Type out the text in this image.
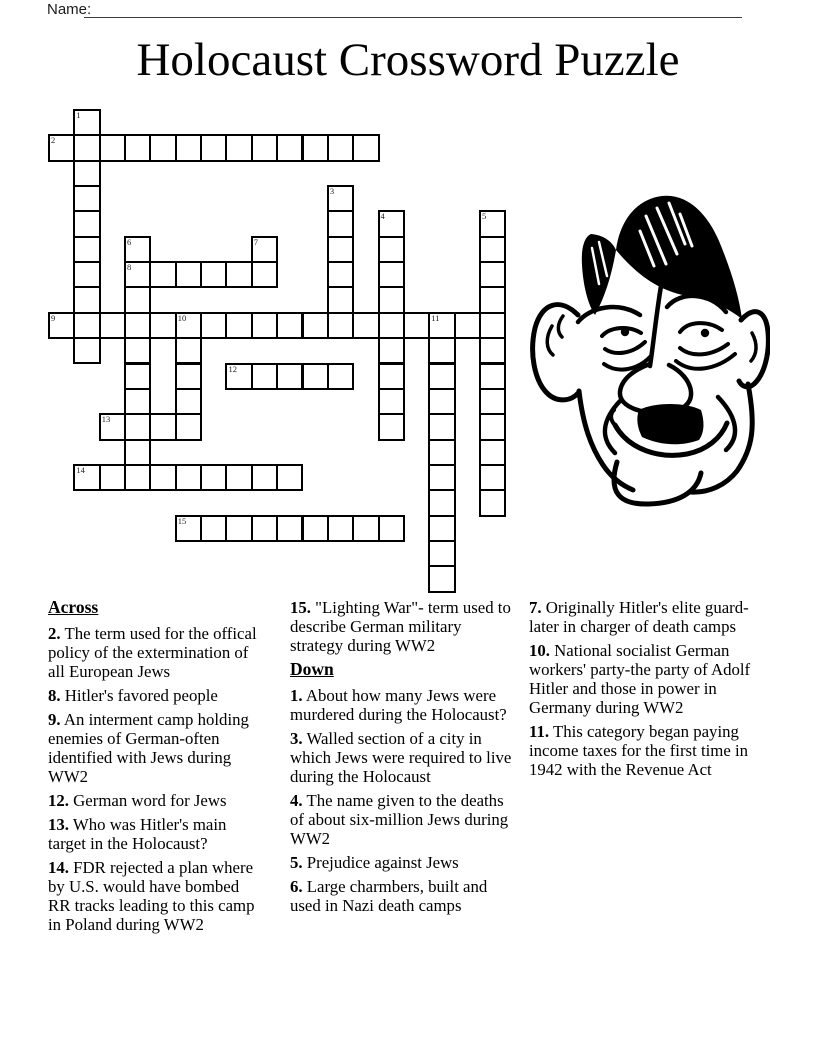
Name:
Holocaust Crossword Puzzle
1
2
3
4	5
6	7
8
9	10	11
12
13
14
15
Across
2. The term used for the offical policy of the extermination of all European Jews
8. Hitler's favored people
9. An interment camp holding enemies of German-often identified with Jews during WW2
12. German word for Jews
13. Who was Hitler's main target in the Holocaust?
14. FDR rejected a plan where by U.S. would have bombed RR tracks leading to this camp in Poland during WW2
15. "Lighting War"- term used to describe German military strategy during WW2
Down
1. About how many Jews were murdered during the Holocaust?
3. Walled section of a city in which Jews were required to live during the Holocaust
4. The name given to the deaths of about six-million Jews during WW2
5. Prejudice against Jews
6. Large charmbers, built and used in Nazi death camps
7. Originally Hitler's elite guard- later in charger of death camps
10. National socialist German workers' party-the party of Adolf Hitler and those in power in Germany during WW2
11. This category began paying income taxes for the first time in 1942 with the Revenue Act
